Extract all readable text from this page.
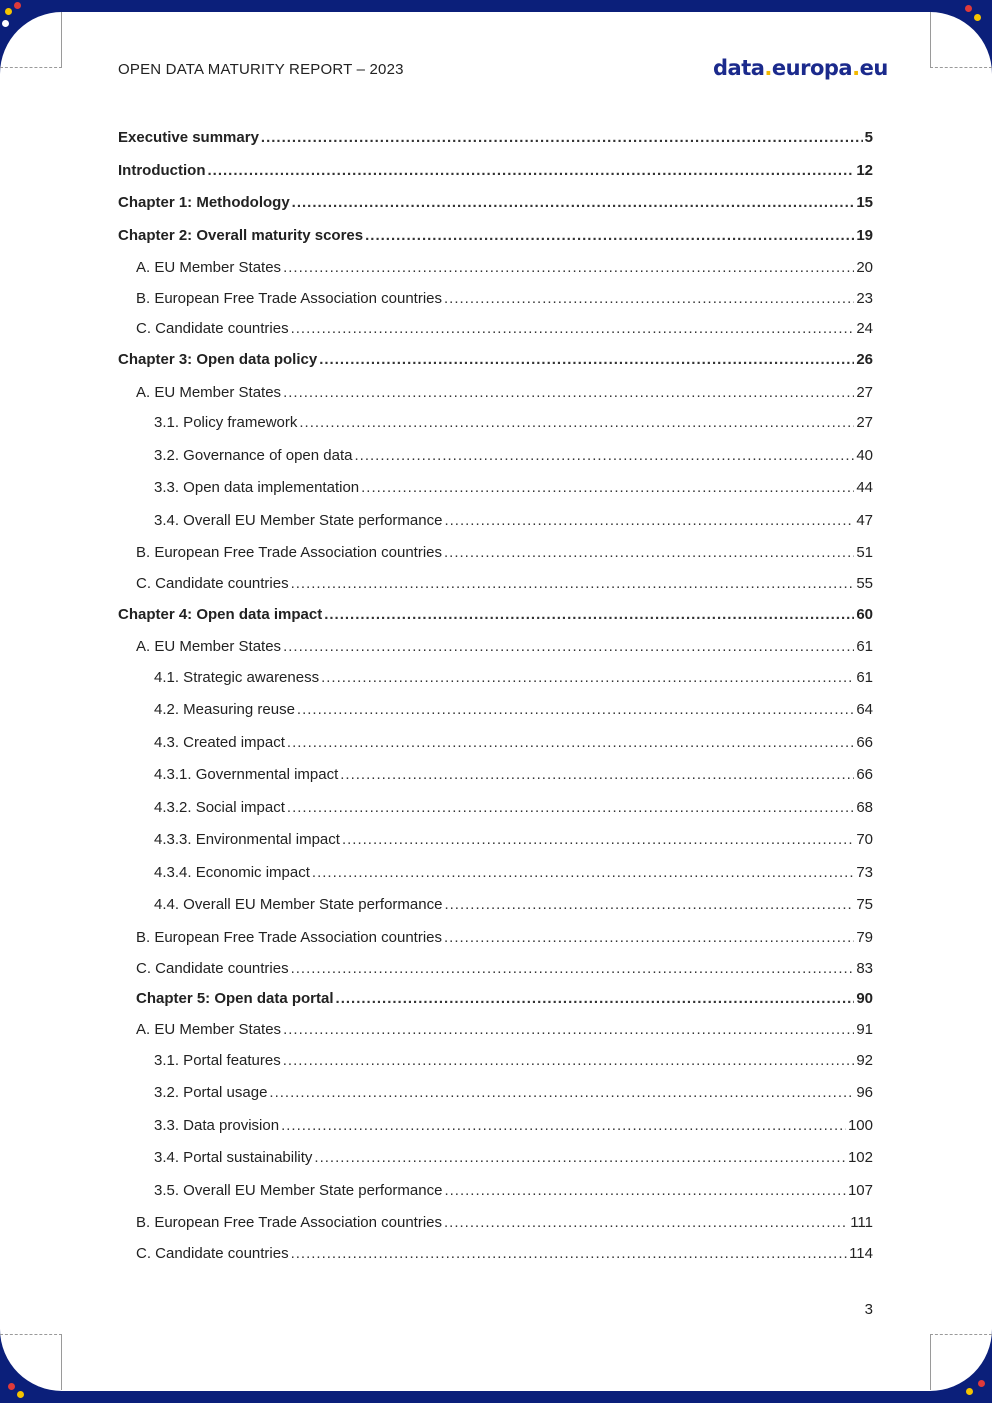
OPEN DATA MATURITY REPORT – 2023	data.europa.eu
Executive summary .....	5
Introduction .....	12
Chapter 1: Methodology .....	15
Chapter 2: Overall maturity scores .....	19
A. EU Member States .....	20
B. European Free Trade Association countries .....	23
C. Candidate countries .....	24
Chapter 3: Open data policy .....	26
A. EU Member States .....	27
3.1. Policy framework .....	27
3.2. Governance of open data .....	40
3.3. Open data implementation .....	44
3.4. Overall EU Member State performance .....	47
B. European Free Trade Association countries .....	51
C. Candidate countries .....	55
Chapter 4: Open data impact .....	60
A. EU Member States .....	61
4.1. Strategic awareness .....	61
4.2. Measuring reuse .....	64
4.3. Created impact .....	66
4.3.1. Governmental impact .....	66
4.3.2. Social impact .....	68
4.3.3. Environmental impact .....	70
4.3.4. Economic impact .....	73
4.4. Overall EU Member State performance .....	75
B. European Free Trade Association countries .....	79
C. Candidate countries .....	83
Chapter 5: Open data portal .....	90
A. EU Member States .....	91
3.1. Portal features .....	92
3.2. Portal usage .....	96
3.3. Data provision .....	100
3.4. Portal sustainability .....	102
3.5. Overall EU Member State performance .....	107
B. European Free Trade Association countries .....	111
C. Candidate countries .....	114
3
